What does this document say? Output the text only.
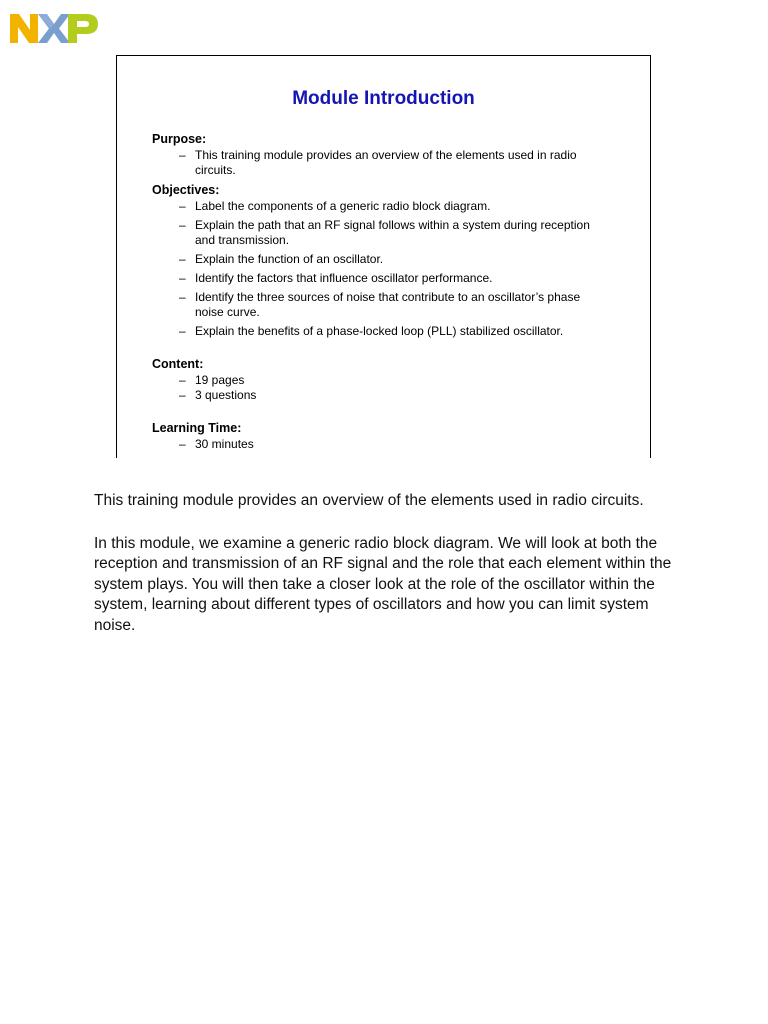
Module Introduction
Purpose:
– This training module provides an overview of the elements used in radio circuits.
Objectives:
– Label the components of a generic radio block diagram.
– Explain the path that an RF signal follows within a system during reception and transmission.
– Explain the function of an oscillator.
– Identify the factors that influence oscillator performance.
– Identify the three sources of noise that contribute to an oscillator’s phase noise curve.
– Explain the benefits of a phase-locked loop (PLL) stabilized oscillator.
Content:
– 19 pages
– 3 questions
Learning Time:
– 30 minutes

This training module provides an overview of the elements used in radio circuits.

In this module, we examine a generic radio block diagram. We will look at both the reception and transmission of an RF signal and the role that each element within the system plays. You will then take a closer look at the role of the oscillator within the system, learning about different types of oscillators and how you can limit system noise.
